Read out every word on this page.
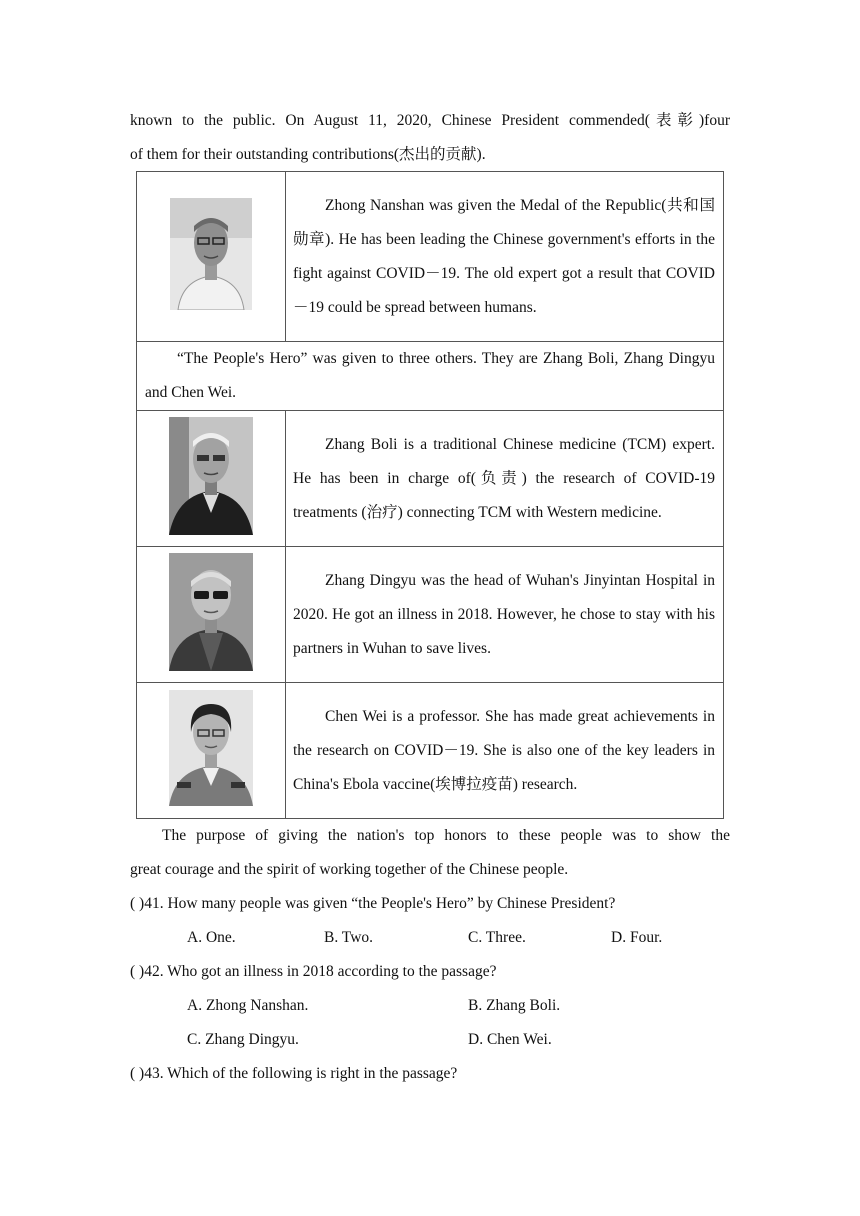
known to the public. On August 11, 2020, Chinese President commended(表彰)four
of them for their outstanding contributions(杰出的贡献).

Zhong Nanshan was given the Medal of the Republic(共和国勋章). He has been leading the Chinese government's efforts in the fight against COVID－19. The old expert got a result that COVID－19 could be spread between humans.

“The People's Hero” was given to three others. They are Zhang Boli, Zhang Dingyu and Chen Wei.	

Zhang Boli is a traditional Chinese medicine (TCM) expert. He has been in charge of(负责) the research of COVID-19 treatments (治疗) connecting TCM with Western medicine.

Zhang Dingyu was the head of Wuhan's Jinyintan Hospital in 2020. He got an illness in 2018. However, he chose to stay with his partners in Wuhan to save lives.

Chen Wei is a professor. She has made great achievements in the research on COVID－19. She is also one of the key leaders in China's Ebola vaccine(埃博拉疫苗) research.
The purpose of giving the nation's top honors to these people was to show the
great courage and the spirit of working together of the Chinese people.
( )41. How many people was given “the People's Hero” by Chinese President?
A. One.	B. Two.	C. Three.	D. Four.
( )42. Who got an illness in 2018 according to the passage?
A. Zhong Nanshan.	B. Zhang Boli.
C. Zhang Dingyu.	D. Chen Wei.
( )43. Which of the following is right in the passage?
